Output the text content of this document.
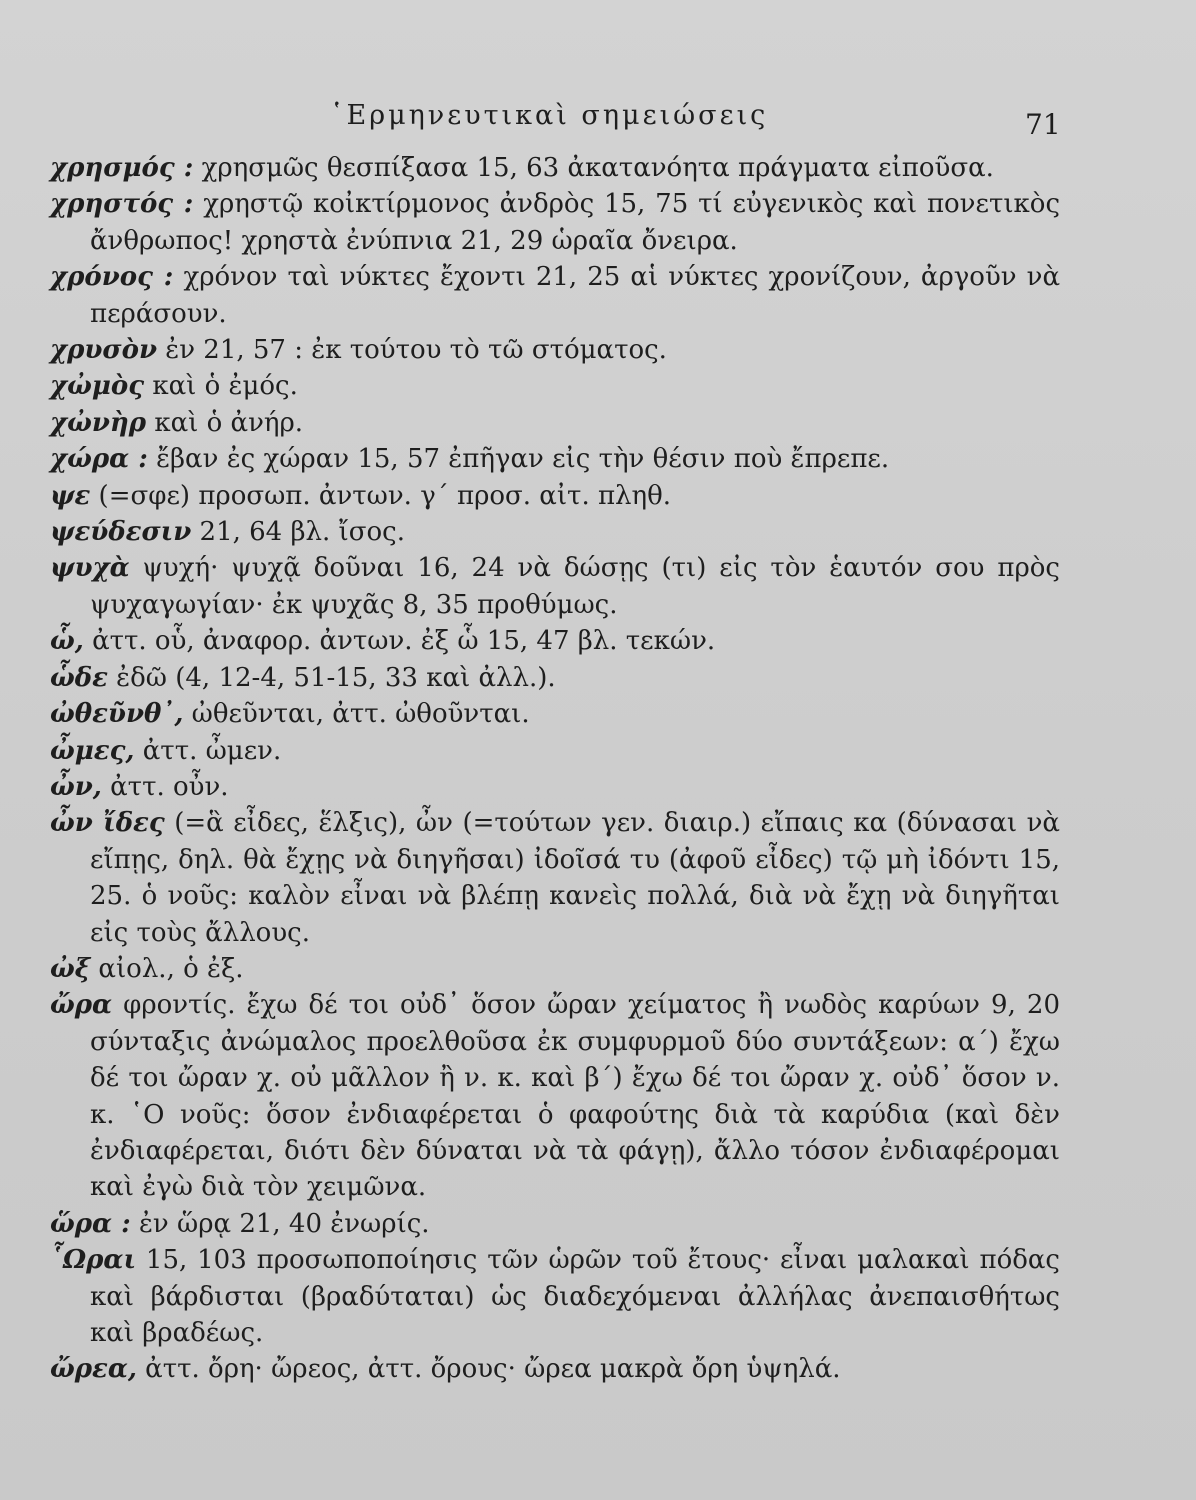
῾Ερμηνευτικαὶ σημειώσεις	71

χρησμός : χρησμῶς θεσπίξασα 15, 63 ἀκατανόητα πράγματα εἰποῦσα.

χρηστός : χρηστῷ κοἰκτίρμονος ἀνδρὸς 15, 75 τί εὐγενικὸς καὶ πονετικὸς ἄνθρωπος! χρηστὰ ἐνύπνια 21, 29 ὡραῖα ὄνειρα.

χρόνος : χρόνον ταὶ νύκτες ἔχοντι 21, 25 αἱ νύκτες χρονίζουν, ἀργοῦν νὰ περάσουν.

χρυσὸν ἐν 21, 57 : ἐκ τούτου τὸ τῶ στόματος.

χὠμὸς καὶ ὁ ἐμός.

χὠνὴρ καὶ ὁ ἀνήρ.

χώρα : ἔβαν ἐς χώραν 15, 57 ἐπῆγαν εἰς τὴν θέσιν ποὺ ἔπρεπε.

ψε (=σφε) προσωπ. ἀντων. γ΄ προσ. αἰτ. πληθ.

ψεύδεσιν 21, 64 βλ. ἴσος.

ψυχὰ ψυχή· ψυχᾷ δοῦναι 16, 24 νὰ δώσῃς (τι) εἰς τὸν ἑαυτόν σου πρὸς ψυχαγωγίαν· ἐκ ψυχᾶς 8, 35 προθύμως.

ὧ, ἀττ. οὗ, ἀναφορ. ἀντων. ἐξ ὧ 15, 47 βλ. τεκών.

ὧδε ἐδῶ (4, 12-4, 51-15, 33 καὶ ἀλλ.).

ὠθεῦνθ᾽, ὠθεῦνται, ἀττ. ὠθοῦνται.

ὦμες, ἀττ. ὦμεν.

ὦν, ἀττ. οὖν.

ὦν ἴδες (=ἃ εἶδες, ἕλξις), ὦν (=τούτων γεν. διαιρ.) εἴπαις κα (δύνασαι νὰ εἴπῃς, δηλ. θὰ ἔχῃς νὰ διηγῆσαι) ἰδοῖσά τυ (ἀφοῦ εἶδες) τῷ μὴ ἰδόντι 15, 25. ὁ νοῦς: καλὸν εἶναι νὰ βλέπῃ κανεὶς πολλά, διὰ νὰ ἔχῃ νὰ διηγῆται εἰς τοὺς ἄλλους.

ὠξ αἰολ., ὁ ἐξ.

ὤρα φροντίς. ἔχω δέ τοι οὐδ᾽ ὅσον ὤραν χείματος ἢ νωδὸς καρύων 9, 20 σύνταξις ἀνώμαλος προελθοῦσα ἐκ συμφυρμοῦ δύο συντάξεων: α΄) ἔχω δέ τοι ὤραν χ. οὐ μᾶλλον ἢ ν. κ. καὶ β΄) ἔχω δέ τοι ὤραν χ. οὐδ᾽ ὅσον ν. κ. ῾Ο νοῦς: ὅσον ἐνδιαφέρεται ὁ φαφούτης διὰ τὰ καρύδια (καὶ δὲν ἐνδιαφέρεται, διότι δὲν δύναται νὰ τὰ φάγῃ), ἄλλο τόσον ἐνδιαφέρομαι καὶ ἐγὼ διὰ τὸν χειμῶνα.

ὥρα : ἐν ὥρᾳ 21, 40 ἐνωρίς.

῟Ωραι 15, 103 προσωποποίησις τῶν ὡρῶν τοῦ ἔτους· εἶναι μαλακαὶ πόδας καὶ βάρδισται (βραδύταται) ὡς διαδεχόμεναι ἀλλήλας ἀνεπαισθήτως καὶ βραδέως.

ὤρεα, ἀττ. ὄρη· ὤρεος, ἀττ. ὄρους· ὤρεα μακρὰ ὄρη ὑψηλά.
